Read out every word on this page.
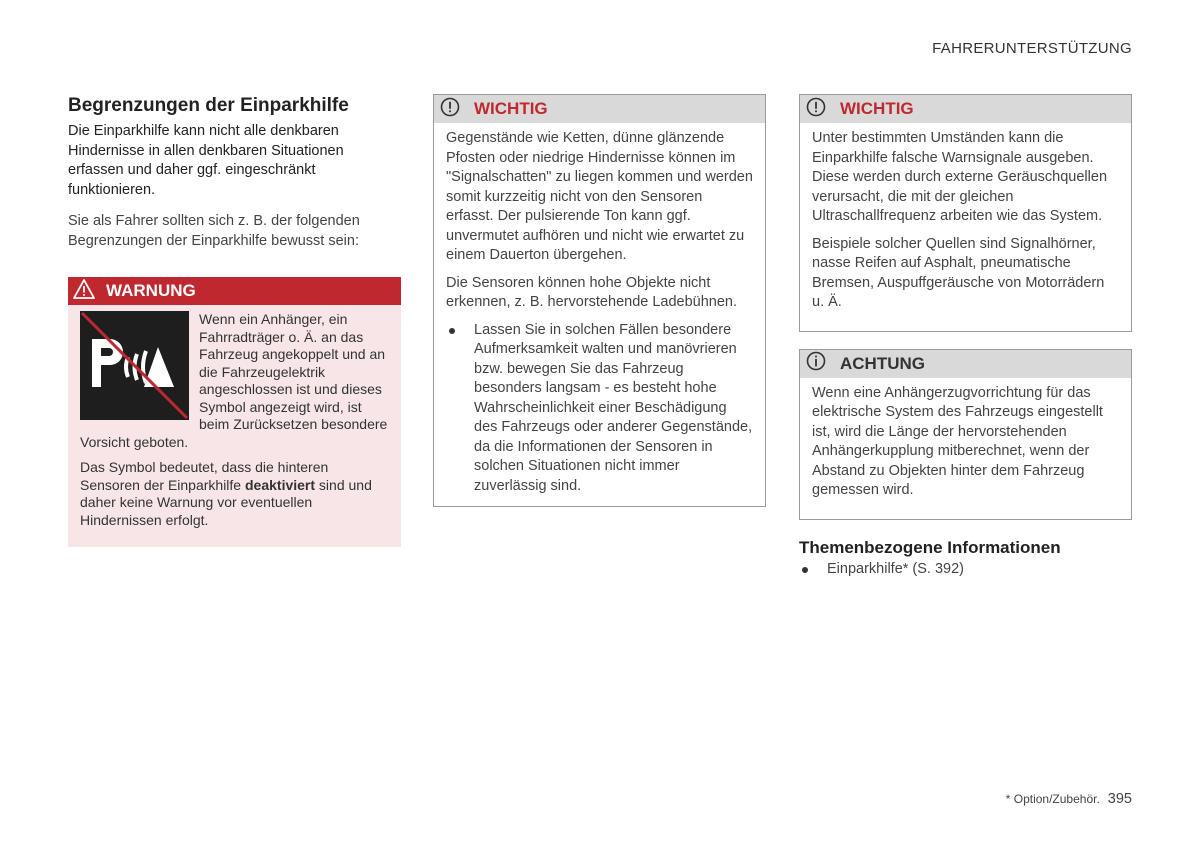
FAHRERUNTERSTÜTZUNG
Begrenzungen der Einparkhilfe

Die Einparkhilfe kann nicht alle denkbaren Hindernisse in allen denkbaren Situationen erfassen und daher ggf. eingeschränkt funktionieren.

Sie als Fahrer sollten sich z. B. der folgenden Begrenzungen der Einparkhilfe bewusst sein:

WARNUNG

Wenn ein Anhänger, ein Fahrradträger o. Ä. an das Fahrzeug angekoppelt und an die Fahrzeugelektrik angeschlossen ist und dieses Symbol angezeigt wird, ist beim Zurücksetzen besondere Vorsicht geboten.

Das Symbol bedeutet, dass die hinteren Sensoren der Einparkhilfe deaktiviert sind und daher keine Warnung vor eventuellen Hindernissen erfolgt.

WICHTIG

Gegenstände wie Ketten, dünne glänzende Pfosten oder niedrige Hindernisse können im "Signalschatten" zu liegen kommen und werden somit kurzzeitig nicht von den Sensoren erfasst. Der pulsierende Ton kann ggf. unvermutet aufhören und nicht wie erwartet zu einem Dauerton übergehen.

Die Sensoren können hohe Objekte nicht erkennen, z. B. hervorstehende Ladebühnen.

Lassen Sie in solchen Fällen besondere Aufmerksamkeit walten und manövrieren bzw. bewegen Sie das Fahrzeug besonders langsam - es besteht hohe Wahrscheinlichkeit einer Beschädigung des Fahrzeugs oder anderer Gegenstände, da die Informationen der Sensoren in solchen Situationen nicht immer zuverlässig sind.
WICHTIG

Unter bestimmten Umständen kann die Einparkhilfe falsche Warnsignale ausgeben. Diese werden durch externe Geräuschquellen verursacht, die mit der gleichen Ultraschallfrequenz arbeiten wie das System.

Beispiele solcher Quellen sind Signalhörner, nasse Reifen auf Asphalt, pneumatische Bremsen, Auspuffgeräusche von Motorrädern u. Ä.

ACHTUNG

Wenn eine Anhängerzugvorrichtung für das elektrische System des Fahrzeugs eingestellt ist, wird die Länge der hervorstehenden Anhängerkupplung mitberechnet, wenn der Abstand zu Objekten hinter dem Fahrzeug gemessen wird.

Themenbezogene Informationen
Einparkhilfe* (S. 392)
* Option/Zubehör. 395
